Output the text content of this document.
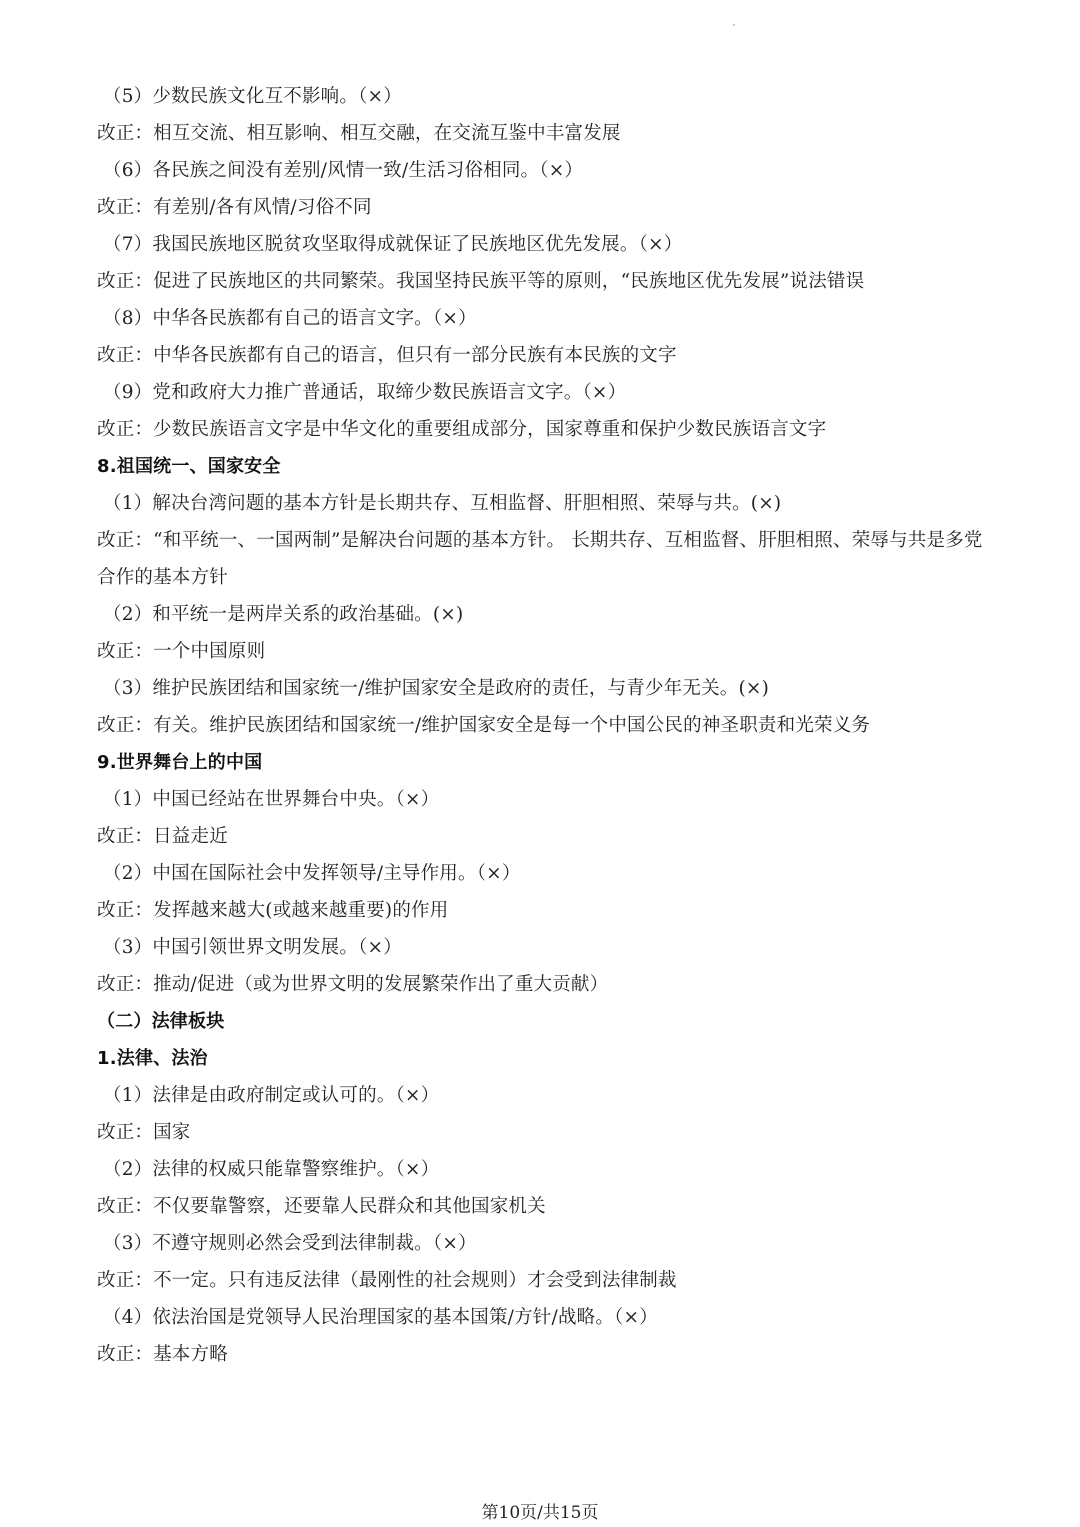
（5）少数民族文化互不影响。（×）
改正：相互交流、相互影响、相互交融，在交流互鉴中丰富发展
（6）各民族之间没有差别/风情一致/生活习俗相同。（×）
改正：有差别/各有风情/习俗不同
（7）我国民族地区脱贫攻坚取得成就保证了民族地区优先发展。（×）
改正：促进了民族地区的共同繁荣。我国坚持民族平等的原则，“民族地区优先发展”说法错误
（8）中华各民族都有自己的语言文字。（×）
改正：中华各民族都有自己的语言，但只有一部分民族有本民族的文字
（9）党和政府大力推广普通话，取缔少数民族语言文字。（×）
改正：少数民族语言文字是中华文化的重要组成部分，国家尊重和保护少数民族语言文字
8.祖国统一、国家安全
（1）解决台湾问题的基本方针是长期共存、互相监督、肝胆相照、荣辱与共。(×)
改正：“和平统一、一国两制”是解决台问题的基本方针。 长期共存、互相监督、肝胆相照、荣辱与共是多党合作的基本方针
（2）和平统一是两岸关系的政治基础。(×)
改正：一个中国原则
（3）维护民族团结和国家统一/维护国家安全是政府的责任，与青少年无关。(×)
改正：有关。维护民族团结和国家统一/维护国家安全是每一个中国公民的神圣职责和光荣义务
9.世界舞台上的中国
（1）中国已经站在世界舞台中央。（×）
改正：日益走近
（2）中国在国际社会中发挥领导/主导作用。（×）
改正：发挥越来越大(或越来越重要)的作用
（3）中国引领世界文明发展。（×）
改正：推动/促进（或为世界文明的发展繁荣作出了重大贡献）
（二）法律板块
1.法律、法治
（1）法律是由政府制定或认可的。（×）
改正：国家
（2）法律的权威只能靠警察维护。（×）
改正：不仅要靠警察，还要靠人民群众和其他国家机关
（3）不遵守规则必然会受到法律制裁。（×）
改正：不一定。只有违反法律（最刚性的社会规则）才会受到法律制裁
（4）依法治国是党领导人民治理国家的基本国策/方针/战略。（×）
改正：基本方略
第10页/共15页
